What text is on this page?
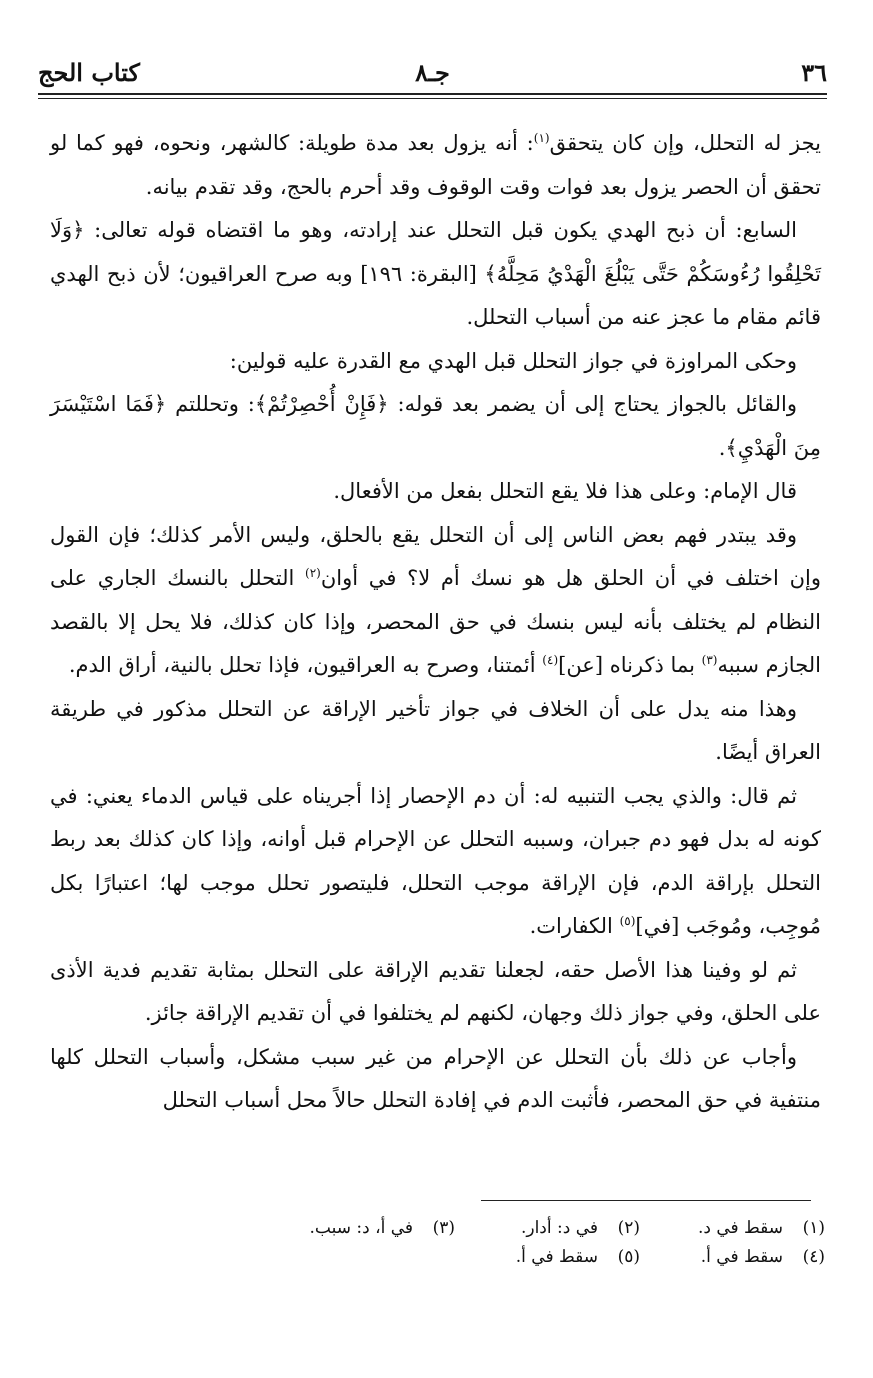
٣٦
جـ٨
كتاب الحج

يجز له التحلل، وإن كان يتحقق$^{(١)}$: أنه يزول بعد مدة طويلة: كالشهر، ونحوه، فهو كما لو تحقق أن الحصر يزول بعد فوات وقت الوقوف وقد أحرم بالحج، وقد تقدم بيانه.

السابع: أن ذبح الهدي يكون قبل التحلل عند إرادته، وهو ما اقتضاه قوله تعالى: ﴿وَلَا تَحْلِقُوا رُءُوسَكُمْ حَتَّى يَبْلُغَ الْهَدْيُ مَحِلَّهُ﴾ [البقرة: ١٩٦] وبه صرح العراقيون؛ لأن ذبح الهدي قائم مقام ما عجز عنه من أسباب التحلل.

وحكى المراوزة في جواز التحلل قبل الهدي مع القدرة عليه قولين:

والقائل بالجواز يحتاج إلى أن يضمر بعد قوله: ﴿فَإِنْ أُحْصِرْتُمْ﴾: وتحللتم ﴿فَمَا اسْتَيْسَرَ مِنَ الْهَدْيِ﴾.

قال الإمام: وعلى هذا فلا يقع التحلل بفعل من الأفعال.

وقد يبتدر فهم بعض الناس إلى أن التحلل يقع بالحلق، وليس الأمر كذلك؛ فإن القول وإن اختلف في أن الحلق هل هو نسك أم لا؟ في أوان$^{(٢)}$ التحلل بالنسك الجاري على النظام لم يختلف بأنه ليس بنسك في حق المحصر، وإذا كان كذلك، فلا يحل إلا بالقصد الجازم سببه$^{(٣)}$ بما ذكرناه [عن]$^{(٤)}$ أئمتنا، وصرح به العراقيون، فإذا تحلل بالنية، أراق الدم.

وهذا منه يدل على أن الخلاف في جواز تأخير الإراقة عن التحلل مذكور في طريقة العراق أيضًا.

ثم قال: والذي يجب التنبيه له: أن دم الإحصار إذا أجريناه على قياس الدماء يعني: في كونه له بدل فهو دم جبران، وسببه التحلل عن الإحرام قبل أوانه، وإذا كان كذلك بعد ربط التحلل بإراقة الدم، فإن الإراقة موجب التحلل، فليتصور تحلل موجب لها؛ اعتبارًا بكل مُوجِب، ومُوجَب [في]$^{(٥)}$ الكفارات.

ثم لو وفينا هذا الأصل حقه، لجعلنا تقديم الإراقة على التحلل بمثابة تقديم فدية الأذى على الحلق، وفي جواز ذلك وجهان، لكنهم لم يختلفوا في أن تقديم الإراقة جائز.

وأجاب عن ذلك بأن التحلل عن الإحرام من غير سبب مشكل، وأسباب التحلل كلها منتفية في حق المحصر، فأثبت الدم في إفادة التحلل حالاً محل أسباب التحلل

(١)سقط في د.
(٢)في د: أدار.
(٣)في أ، د: سبب.
(٤)سقط في أ.
(٥)سقط في أ.
